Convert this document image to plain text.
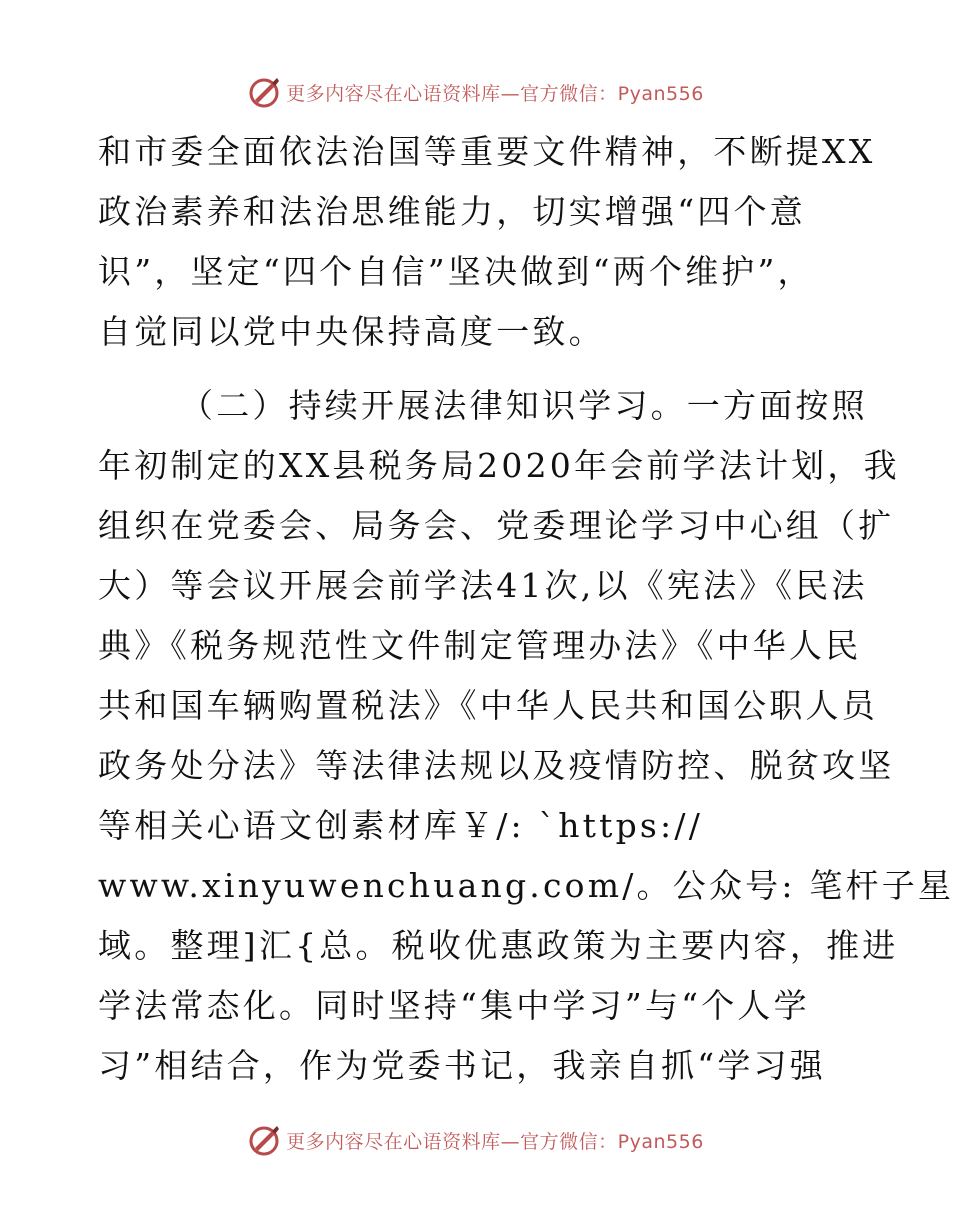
更多内容尽在心语资料库—官方微信：Pyan556
和市委全面依法治国等重要文件精神，不断提XX
政治素养和法治思维能力，切实增强“四个意
识”，坚定“四个自信”坚决做到“两个维护”，
自觉同以党中央保持高度一致。
（二）持续开展法律知识学习。一方面按照
年初制定的XX县税务局2020年会前学法计划，我
组织在党委会、局务会、党委理论学习中心组（扩
大）等会议开展会前学法41次,以《宪法》《民法
典》《税务规范性文件制定管理办法》《中华人民
共和国车辆购置税法》《中华人民共和国公职人员
政务处分法》等法律法规以及疫情防控、脱贫攻坚
等相关心语文创素材库￥/: `https://
www.xinyuwenchuang.com/。公众号: 笔杆子星
域。整理]汇{总。税收优惠政策为主要内容，推进
学法常态化。同时坚持“集中学习”与“个人学
习”相结合，作为党委书记，我亲自抓“学习强
更多内容尽在心语资料库—官方微信：Pyan556
